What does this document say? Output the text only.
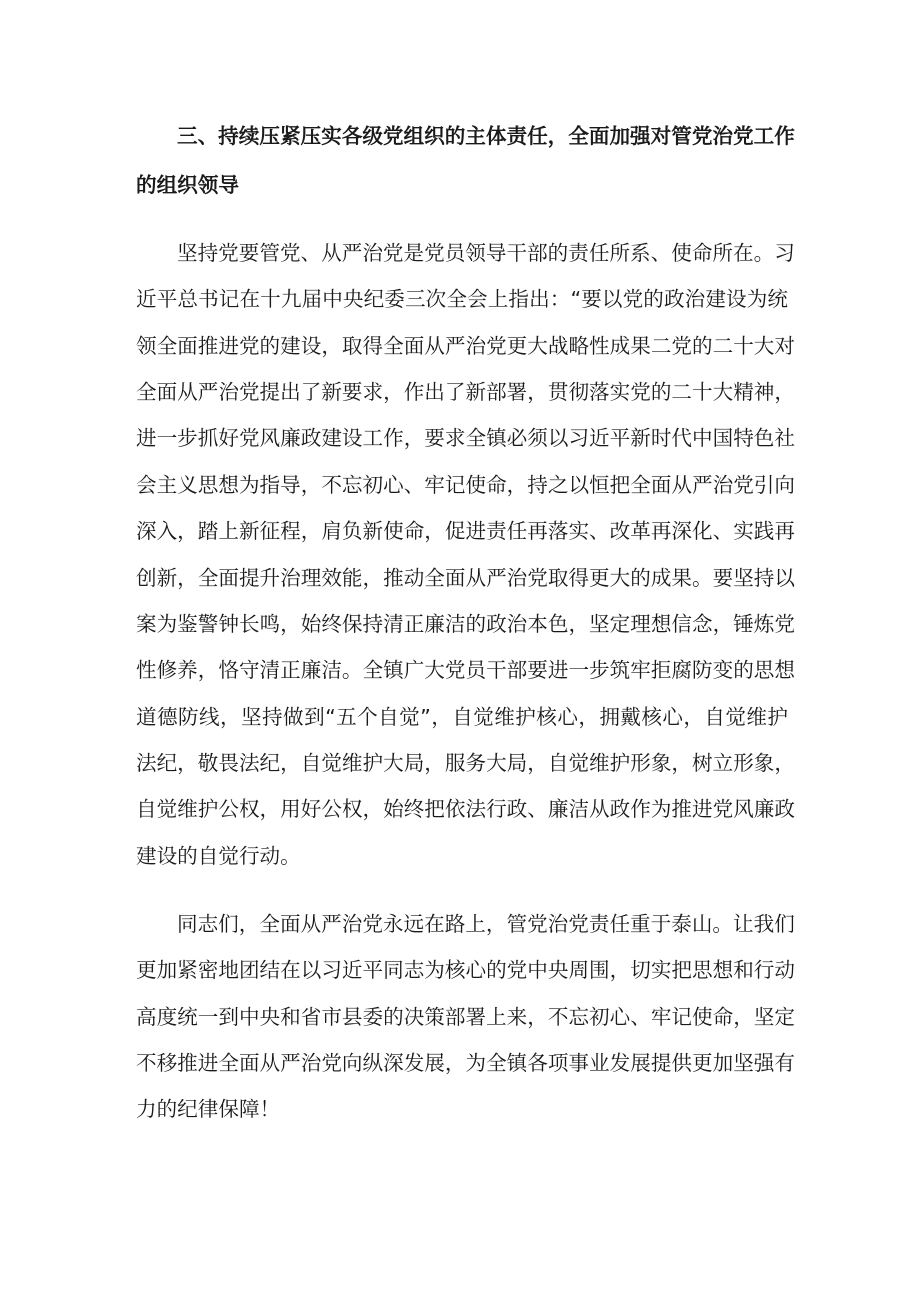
三、持续压紧压实各级党组织的主体责任，全面加强对管党治党工作
的组织领导
坚持党要管党、从严治党是党员领导干部的责任所系、使命所在。习
近平总书记在十九届中央纪委三次全会上指出：“要以党的政治建设为统
领全面推进党的建设，取得全面从严治党更大战略性成果二党的二十大对
全面从严治党提出了新要求，作出了新部署，贯彻落实党的二十大精神，
进一步抓好党风廉政建设工作，要求全镇必须以习近平新时代中国特色社
会主义思想为指导，不忘初心、牢记使命，持之以恒把全面从严治党引向
深入，踏上新征程，肩负新使命，促进责任再落实、改革再深化、实践再
创新，全面提升治理效能，推动全面从严治党取得更大的成果。要坚持以
案为鉴警钟长鸣，始终保持清正廉洁的政治本色，坚定理想信念，锤炼党
性修养，恪守清正廉洁。全镇广大党员干部要进一步筑牢拒腐防变的思想
道德防线，坚持做到“五个自觉”，自觉维护核心，拥戴核心，自觉维护
法纪，敬畏法纪，自觉维护大局，服务大局，自觉维护形象，树立形象，
自觉维护公权，用好公权，始终把依法行政、廉洁从政作为推进党风廉政
建设的自觉行动。
同志们，全面从严治党永远在路上，管党治党责任重于泰山。让我们
更加紧密地团结在以习近平同志为核心的党中央周围，切实把思想和行动
高度统一到中央和省市县委的决策部署上来，不忘初心、牢记使命，坚定
不移推进全面从严治党向纵深发展，为全镇各项事业发展提供更加坚强有
力的纪律保障！
